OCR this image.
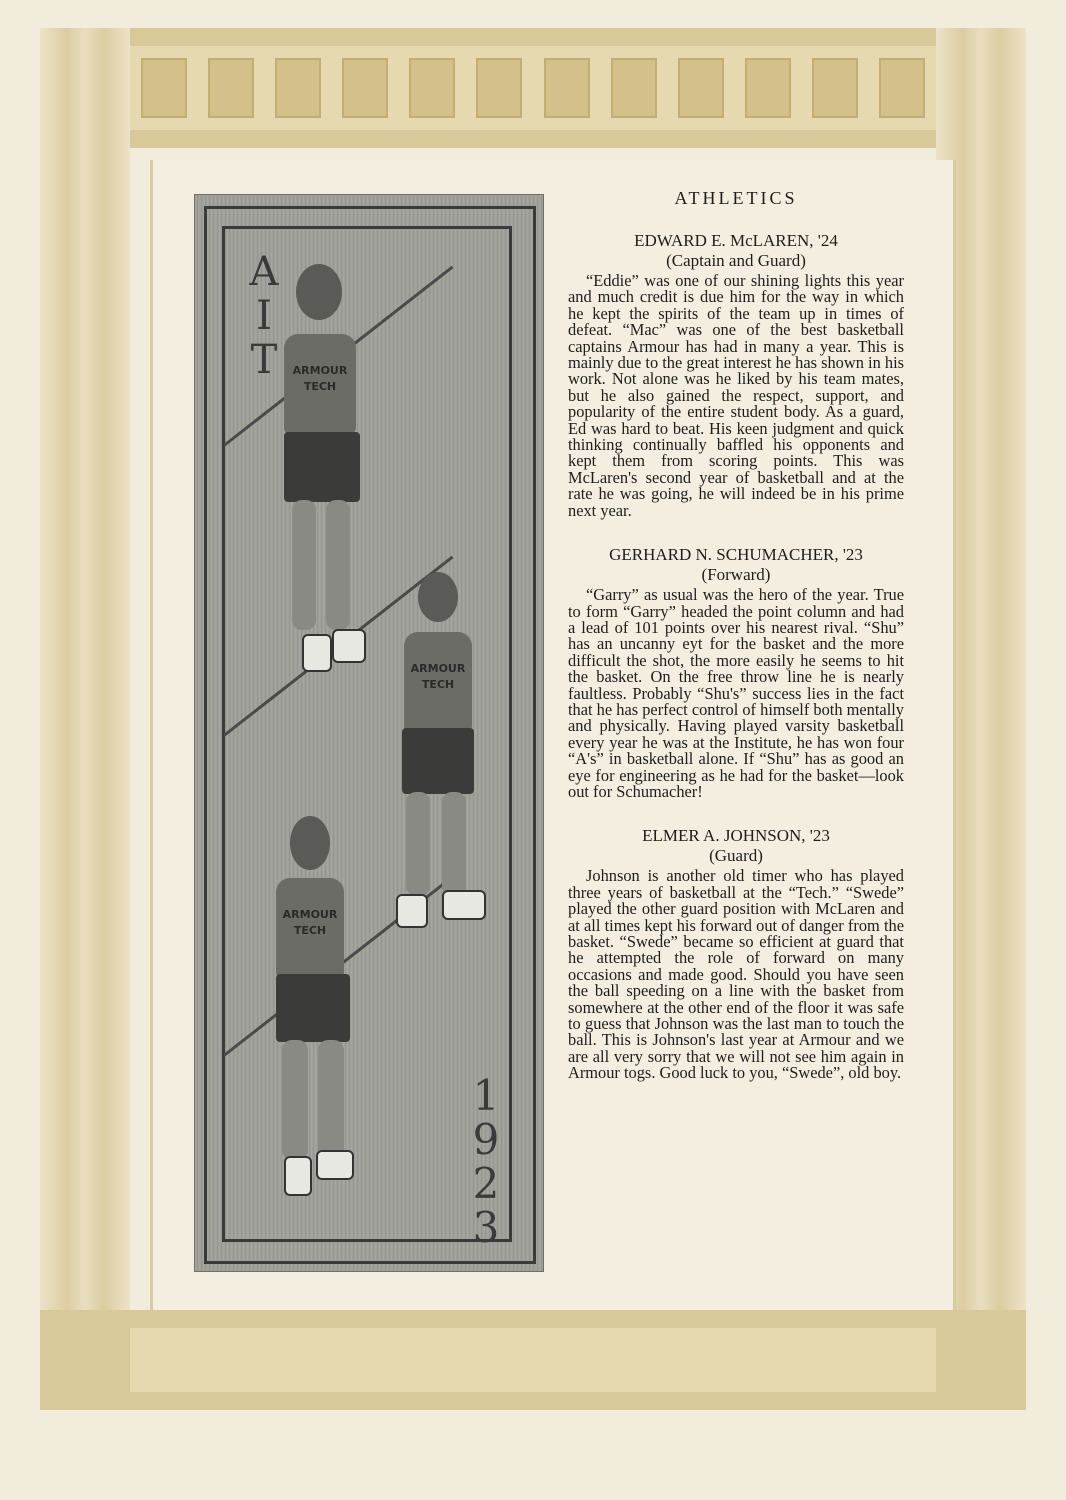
A
I
T
1
9
2
3
ARMOUR
TECH
ARMOUR
TECH
ARMOUR
TECH
ATHLETICS

EDWARD E. McLAREN, '24

(Captain and Guard)

“Eddie” was one of our shining lights this year and much credit is due him for the way in which he kept the spirits of the team up in times of defeat. “Mac” was one of the best basketball captains Armour has had in many a year. This is mainly due to the great interest he has shown in his work. Not alone was he liked by his team mates, but he also gained the respect, support, and popularity of the entire student body. As a guard, Ed was hard to beat. His keen judgment and quick thinking continually baffled his opponents and kept them from scoring points. This was McLaren's second year of basketball and at the rate he was going, he will indeed be in his prime next year.

GERHARD N. SCHUMACHER, '23

(Forward)

“Garry” as usual was the hero of the year. True to form “Garry” headed the point column and had a lead of 101 points over his nearest rival. “Shu” has an uncanny eyt for the basket and the more difficult the shot, the more easily he seems to hit the basket. On the free throw line he is nearly faultless. Probably “Shu's” success lies in the fact that he has perfect control of himself both mentally and physically. Having played varsity basketball every year he was at the Institute, he has won four “A's” in basketball alone. If “Shu” has as good an eye for engineering as he had for the basket—look out for Schumacher!

ELMER A. JOHNSON, '23

(Guard)

Johnson is another old timer who has played three years of basketball at the “Tech.” “Swede” played the other guard position with McLaren and at all times kept his forward out of danger from the basket. “Swede” became so efficient at guard that he attempted the role of forward on many occasions and made good. Should you have seen the ball speeding on a line with the basket from somewhere at the other end of the floor it was safe to guess that Johnson was the last man to touch the ball. This is Johnson's last year at Armour and we are all very sorry that we will not see him again in Armour togs. Good luck to you, “Swede”, old boy.
